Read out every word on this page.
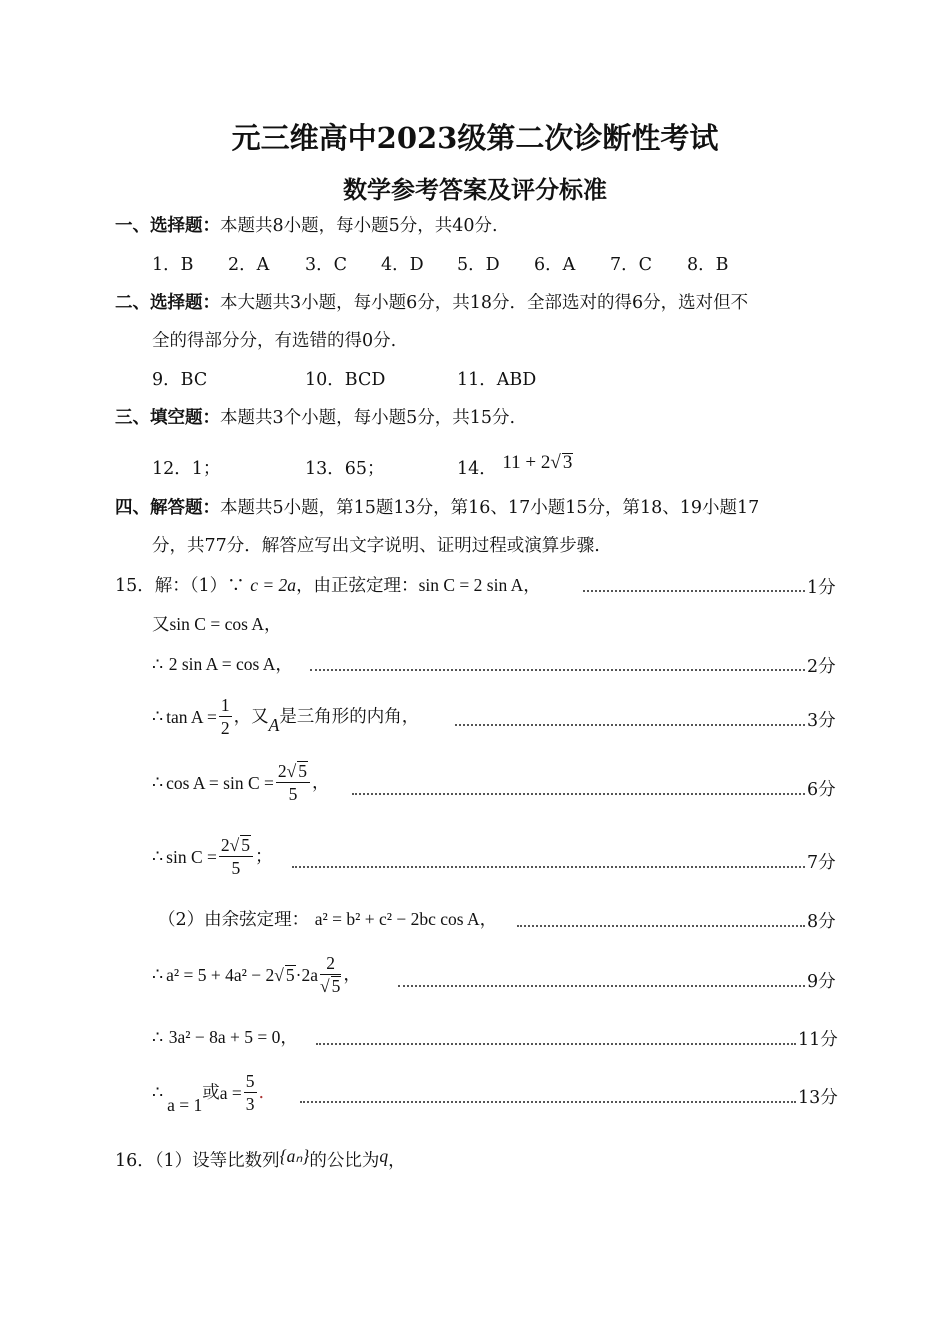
元三维高中2023级第二次诊断性考试
数学参考答案及评分标准
一、选择题：本题共8小题，每小题5分，共40分.
1．B 2．A 3．C 4．D 5．D 6．A 7．C 8．B
二、选择题：本大题共3小题，每小题6分，共18分．全部选对的得6分，选对但不
全的得部分分，有选错的得0分.
9．BC	10．BCD	11．ABD
三、填空题：本题共3个小题，每小题5分，共15分.
12．1；	13．65；	14． 11 + 2√ 3
四、解答题：本题共5小题，第15题13分，第16、17小题15分，第18、19小题17
分，共77分．解答应写出文字说明、证明过程或演算步骤.
15．解：（1）∵ c = 2a，由正弦定理：sin C = 2 sin A，	1分
又sin C = cos A，
∴ 2 sin A = cos A，	2分
∴ $\tan A = \frac{1}{2}$ ，又 A 是三角形的内角，	3分
∴ $\cos A = \sin C = \frac{2√ 5}{5}$ ，	6分
∴ $\sin C = \frac{2√ 5}{5}$ ；	7分
（2）由余弦定理： a² = b² + c² − 2bc cos A，	8分
∴ a² = 5 + 4a² − 2 √ $5 \cdot 2a \frac{2}{√ 5}$ ，	9分
∴ 3a² − 8a + 5 = 0，	11分
∴
a = 1
或 $a = \frac{5}{3}$ .	13分
16．（1）设等比数列{aₙ}的公比为q，
